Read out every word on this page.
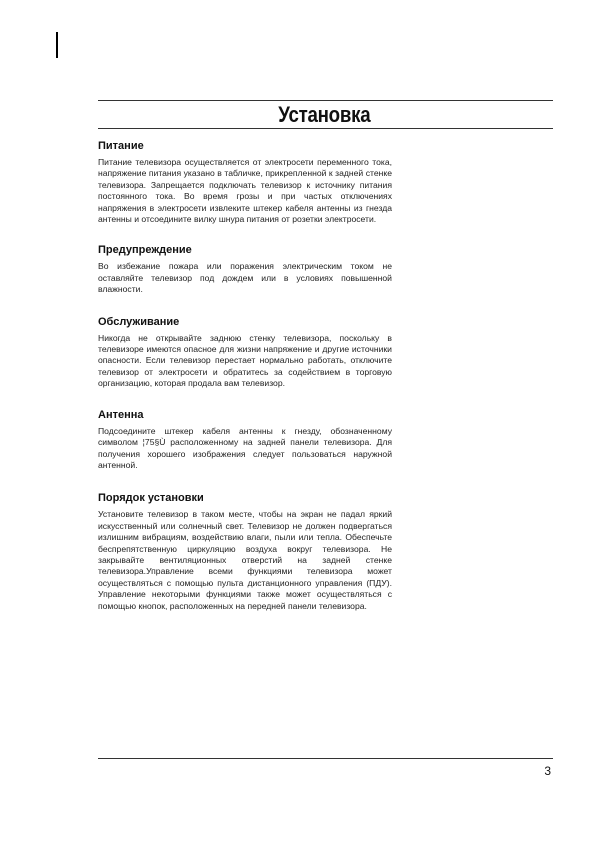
Установка
Питание

Питание телевизора осуществляется от электросети переменного тока, напряжение питания указано в табличке, прикрепленной к задней стенке телевизора. Запрещается подключать телевизор к источнику питания постоянного тока. Во время грозы и при частых отключениях напряжения в электросети извлеките штекер кабеля антенны из гнезда антенны и отсоедините вилку шнура питания от розетки электросети.

Предупреждение

Во избежание пожара или поражения электрическим током не оставляйте телевизор под дождем или в условиях повышенной влажности.

Обслуживание

Никогда не открывайте заднюю стенку телевизора, поскольку в телевизоре имеются опасное для жизни напряжение и другие источники опасности. Если телевизор перестает нормально работать, отключите телевизор от электросети и обратитесь за содействием в торговую организацию, которая продала вам телевизор.

Антенна

Подсоедините штекер кабеля антенны к гнезду, обозначенному символом ¦75§Ù расположенному на задней панели телевизора. Для получения хорошего изображения следует пользоваться наружной антенной.

Порядок установки

Установите телевизор в таком месте, чтобы на экран не падал яркий искусственный или солнечный свет. Телевизор не должен подвергаться излишним вибрациям, воздействию влаги, пыли или тепла. Обеспечьте беспрепятственную циркуляцию воздуха вокруг телевизора. Не закрывайте вентиляционных отверстий на задней стенке телевизора.Управление всеми функциями телевизора может осуществляться с помощью пульта дистанционного управления (ПДУ). Управление некоторыми функциями также может осуществляться с помощью кнопок, расположенных на передней панели телевизора.

3
